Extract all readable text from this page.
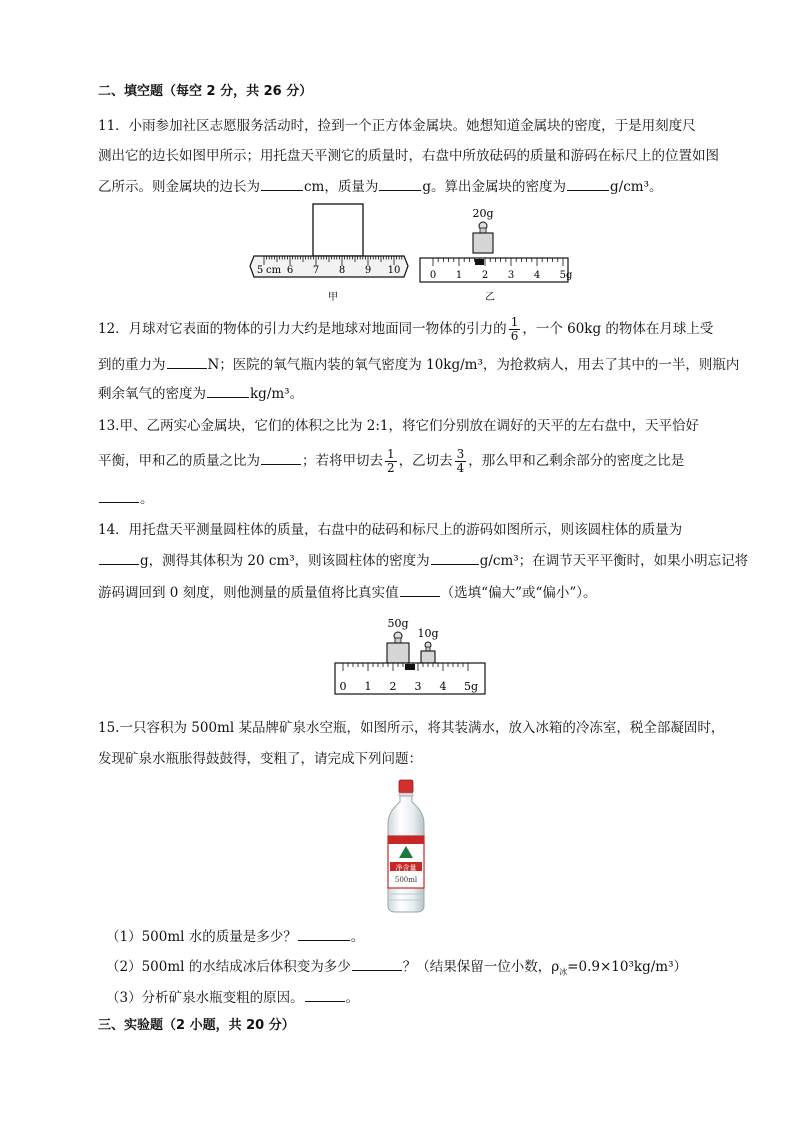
二、填空题（每空 2 分，共 26 分）
11．小雨参加社区志愿服务活动时，捡到一个正方体金属块。她想知道金属块的密度，于是用刻度尺
测出它的边长如图甲所示；用托盘天平测它的质量时，右盘中所放砝码的质量和游码在标尺上的位置如图
乙所示。则金属块的边长为	cm，质量为	g。算出金属块的密度为	g/cm³。
cm
5 6 7 8 9 10
20g
0 1 2 3 4 5g
甲	乙
12．月球对它表面的物体的引力大约是地球对地面同一物体的引力的 $\frac{1}{6}$ ，一个 60kg 的物体在月球上受
到的重力为	N；医院的氧气瓶内装的氧气密度为 10kg/m³，为抢救病人，用去了其中的一半，则瓶内
剩余氧气的密度为	kg/m³。
13.甲、乙两实心金属块，它们的体积之比为 2:1，将它们分别放在调好的天平的左右盘中，天平恰好
平衡，甲和乙的质量之比为	；若将甲切去 $\frac{1}{2}$ ，乙切去 $\frac{3}{4}$ ，那么甲和乙剩余部分的密度之比是
。
14．用托盘天平测量圆柱体的质量，右盘中的砝码和标尺上的游码如图所示，则该圆柱体的质量为
g，测得其体积为 20 cm³，则该圆柱体的密度为	g/cm³；在调节天平平衡时，如果小明忘记将
游码调回到 0 刻度，则他测量的质量值将比真实值	（选填“偏大”或“偏小”）。
50g
10g
0 1 2 3 4 5g
15.一只容积为 500ml 某品牌矿泉水空瓶，如图所示，将其装满水，放入冰箱的冷冻室，税全部凝固时，
发现矿泉水瓶胀得鼓鼓得，变粗了，请完成下列问题：
净含量
500ml
（1）500ml 水的质量是多少？	。
（2）500ml 的水结成冰后体积变为多少	？（结果保留一位小数，$\rho_冰=0.9\times 10^3kg/m^3$）
（3）分析矿泉水瓶变粗的原因。	。
三、实验题（2 小题，共 20 分）
